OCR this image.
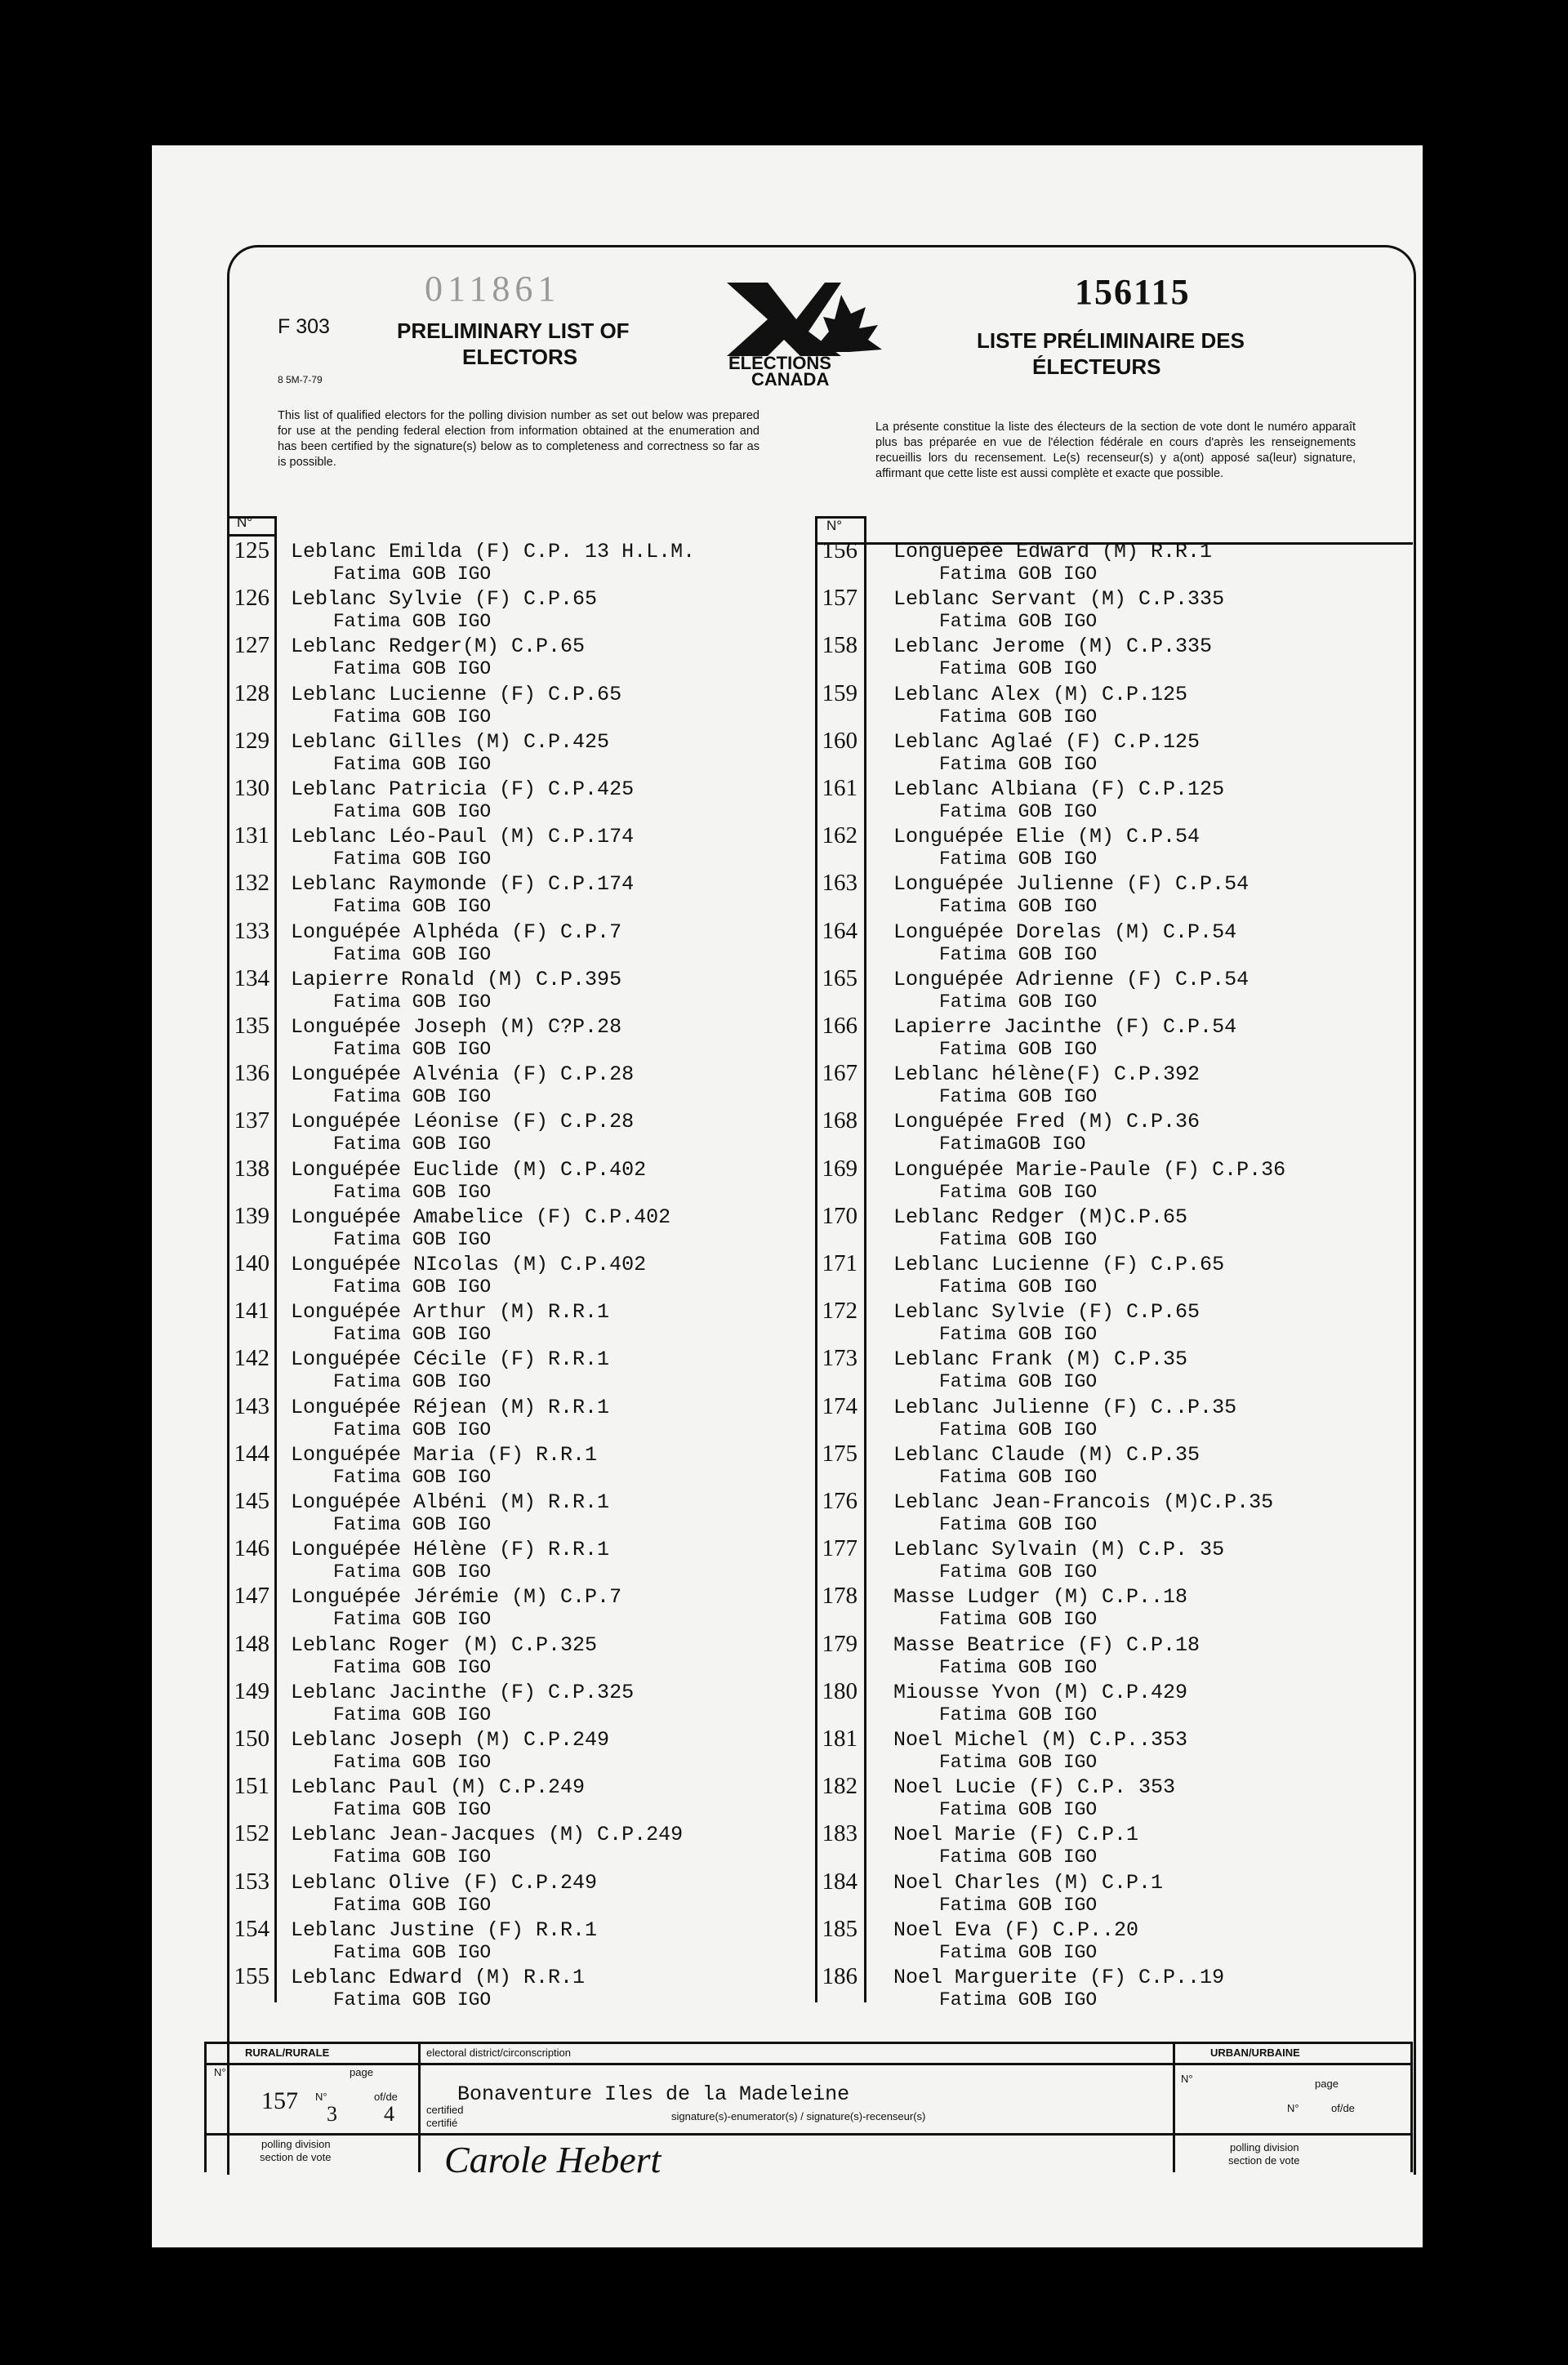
011861
F 303
8 5M-7-79
PRELIMINARY LIST OF
ELECTORS	ELECTIONS
CANADA
156115
LISTE PRÉLIMINAIRE DES
ÉLECTEURS
This list of qualified electors for the polling division number as set out below was prepared for use at the pending federal election from information obtained at the enumeration and has been certified by the signature(s) below as to completeness and correctness so far as is possible.
La présente constitue la liste des électeurs de la section de vote dont le numéro apparaît plus bas préparée en vue de l'élection fédérale en cours d'après les renseignements recueillis lors du recensement. Le(s) recenseur(s) y a(ont) apposé sa(leur) signature, affirmant que cette liste est aussi complète et exacte que possible.
N°	N°
125 Leblanc Emilda (F) C.P. 13 H.L.M.
Fatima GOB IGO
126 Leblanc Sylvie (F) C.P.65
Fatima GOB IGO
127 Leblanc Redger(M) C.P.65
Fatima GOB IGO
128 Leblanc Lucienne (F) C.P.65
Fatima GOB IGO
129 Leblanc Gilles (M) C.P.425
Fatima GOB IGO
130 Leblanc Patricia (F) C.P.425
Fatima GOB IGO
131 Leblanc Léo-Paul (M) C.P.174
Fatima GOB IGO
132 Leblanc Raymonde (F) C.P.174
Fatima GOB IGO
133 Longuépée Alphéda (F) C.P.7
Fatima GOB IGO
134 Lapierre Ronald (M) C.P.395
Fatima GOB IGO
135 Longuépée Joseph (M) C?P.28
Fatima GOB IGO
136 Longuépée Alvénia (F) C.P.28
Fatima GOB IGO
137 Longuépée Léonise (F) C.P.28
Fatima GOB IGO
138 Longuépée Euclide (M) C.P.402
Fatima GOB IGO
139 Longuépée Amabelice (F) C.P.402
Fatima GOB IGO
140 Longuépée NIcolas (M) C.P.402
Fatima GOB IGO
141 Longuépée Arthur (M) R.R.1
Fatima GOB IGO
142 Longuépée Cécile (F) R.R.1
Fatima GOB IGO
143 Longuépée Réjean (M) R.R.1
Fatima GOB IGO
144 Longuépée Maria (F) R.R.1
Fatima GOB IGO
145 Longuépée Albéni (M) R.R.1
Fatima GOB IGO
146 Longuépée Hélène (F) R.R.1
Fatima GOB IGO
147 Longuépée Jérémie (M) C.P.7
Fatima GOB IGO
148 Leblanc Roger (M) C.P.325
Fatima GOB IGO
149 Leblanc Jacinthe (F) C.P.325
Fatima GOB IGO
150 Leblanc Joseph (M) C.P.249
Fatima GOB IGO
151 Leblanc Paul (M) C.P.249
Fatima GOB IGO
152 Leblanc Jean-Jacques (M) C.P.249
Fatima GOB IGO
153 Leblanc Olive (F) C.P.249
Fatima GOB IGO
154 Leblanc Justine (F) R.R.1
Fatima GOB IGO
155 Leblanc Edward (M) R.R.1
Fatima GOB IGO
156 Longuépée Edward (M) R.R.1
Fatima GOB IGO
157 Leblanc Servant (M) C.P.335
Fatima GOB IGO
158 Leblanc Jerome (M) C.P.335
Fatima GOB IGO
159 Leblanc Alex (M) C.P.125
Fatima GOB IGO
160 Leblanc Aglaé (F) C.P.125
Fatima GOB IGO
161 Leblanc Albiana (F) C.P.125
Fatima GOB IGO
162 Longuépée Elie (M) C.P.54
Fatima GOB IGO
163 Longuépée Julienne (F) C.P.54
Fatima GOB IGO
164 Longuépée Dorelas (M) C.P.54
Fatima GOB IGO
165 Longuépée Adrienne (F) C.P.54
Fatima GOB IGO
166 Lapierre Jacinthe (F) C.P.54
Fatima GOB IGO
167 Leblanc hélène(F) C.P.392
Fatima GOB IGO
168 Longuépée Fred (M) C.P.36
FatimaGOB IGO
169 Longuépée Marie-Paule (F) C.P.36
Fatima GOB IGO
170 Leblanc Redger (M)C.P.65
Fatima GOB IGO
171 Leblanc Lucienne (F) C.P.65
Fatima GOB IGO
172 Leblanc Sylvie (F) C.P.65
Fatima GOB IGO
173 Leblanc Frank (M) C.P.35
Fatima GOB IGO
174 Leblanc Julienne (F) C..P.35
Fatima GOB IGO
175 Leblanc Claude (M) C.P.35
Fatima GOB IGO
176 Leblanc Jean-Francois (M)C.P.35
Fatima GOB IGO
177 Leblanc Sylvain (M) C.P. 35
Fatima GOB IGO
178 Masse Ludger (M) C.P..18
Fatima GOB IGO
179 Masse Beatrice (F) C.P.18
Fatima GOB IGO
180 Miousse Yvon (M) C.P.429
Fatima GOB IGO
181 Noel Michel (M) C.P..353
Fatima GOB IGO
182 Noel Lucie (F) C.P. 353
Fatima GOB IGO
183 Noel Marie (F) C.P.1
Fatima GOB IGO
184 Noel Charles (M) C.P.1
Fatima GOB IGO
185 Noel Eva (F) C.P..20
Fatima GOB IGO
186 Noel Marguerite (F) C.P..19
Fatima GOB IGO
RURAL/RURALE	electoral district/circonscription	URBAN/URBAINE
N°	page
N°	of/de
157 3 4
polling division
section de vote
Bonaventure Iles de la Madeleine
certified
certifié
signature(s)-enumerator(s) / signature(s)-recenseur(s)
Carole Hebert
N°	page
N°	of/de
polling division
section de vote
